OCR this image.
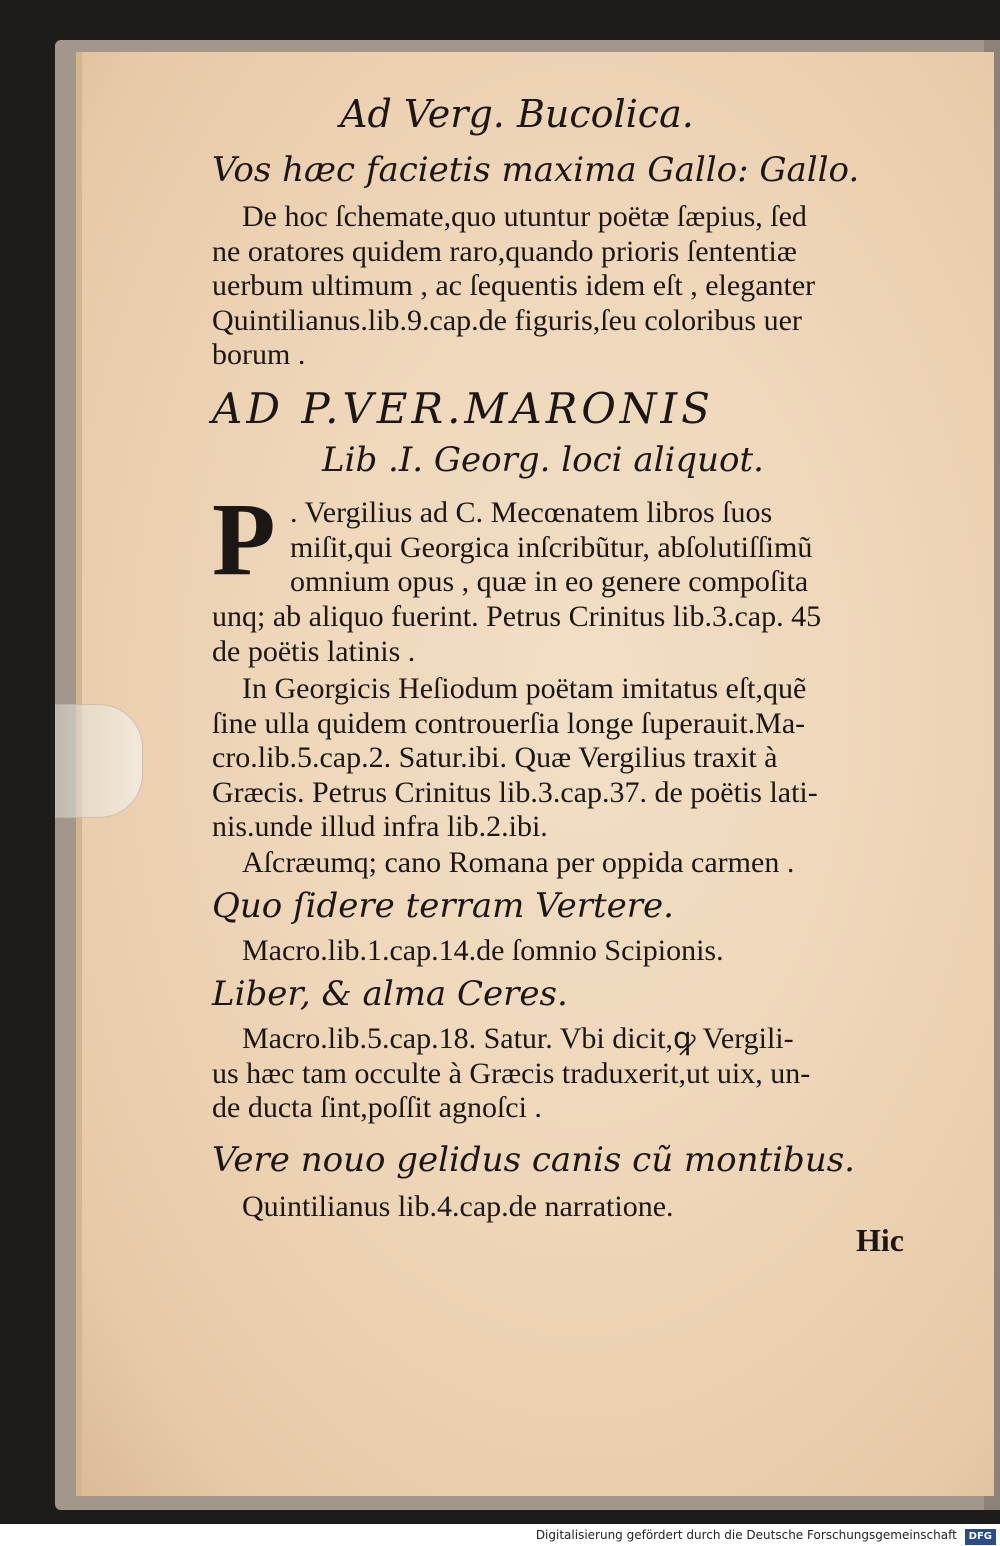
Ad Verg. Bucolica.
Vos hæc facietis maxima Gallo: Gallo.

De hoc ſchemate,quo utuntur poëtæ ſæpius, ſed

ne oratores quidem raro,quando prioris ſententiæ

uerbum ultimum , ac ſequentis idem eſt , eleganter

Quintilianus.lib.9.cap.de figuris,ſeu coloribus uer

borum .

AD P.VER.MARONIS
Lib .I. Georg. loci aliquot.
P . Vergilius ad C. Mecœnatem libros ſuos

miſit,qui Georgica inſcribũtur, abſolutiſſimũ

omnium opus , quæ in eo genere compoſita

unq; ab aliquo fuerint. Petrus Crinitus lib.3.cap. 45

de poëtis latinis .

In Georgicis Heſiodum poëtam imitatus eſt,quẽ

ſine ulla quidem controuerſia longe ſuperauit.Ma-

cro.lib.5.cap.2. Satur.ibi. Quæ Vergilius traxit à

Græcis. Petrus Crinitus lib.3.cap.37. de poëtis lati-

nis.unde illud infra lib.2.ibi.

Aſcræumq; cano Romana per oppida carmen .
Quo ſidere terram Vertere.
Macro.lib.1.cap.14.de ſomnio Scipionis.
Liber, & alma Ceres.

Macro.lib.5.cap.18. Satur. Vbi dicit,ꝙ Vergili-

us hæc tam occulte à Græcis traduxerit,ut uix, un-

de ducta ſint,poſſit agnoſci .

Vere nouo gelidus canis cũ montibus.
Quintilianus lib.4.cap.de narratione.
Hic
Digitalisierung gefördert durch die Deutsche Forschungsgemeinschaft DFG
